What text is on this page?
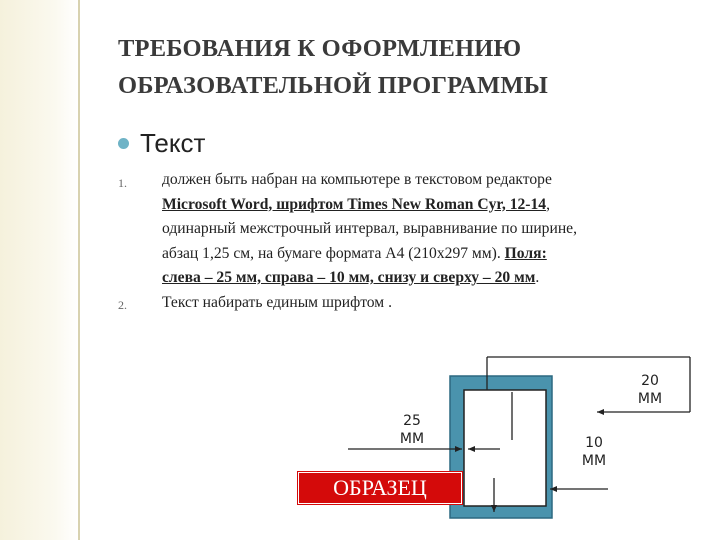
ТРЕБОВАНИЯ К ОФОРМЛЕНИЮ
ОБРАЗОВАТЕЛЬНОЙ ПРОГРАММЫ
Текст
1. должен быть набран на компьютере в текстовом редакторе
Microsoft Word, шрифтом Times New Roman Cyr, 12-14,
одинарный межстрочный интервал, выравнивание по ширине,
абзац 1,25 см, на бумаге формата А4 (210х297 мм). Поля:
слева – 25 мм, справа – 10 мм, снизу и сверху – 20 мм.
2. Текст набирать единым шрифтом .
20
ММ
25
ММ	10
ММ
ОБРАЗЕЦ
